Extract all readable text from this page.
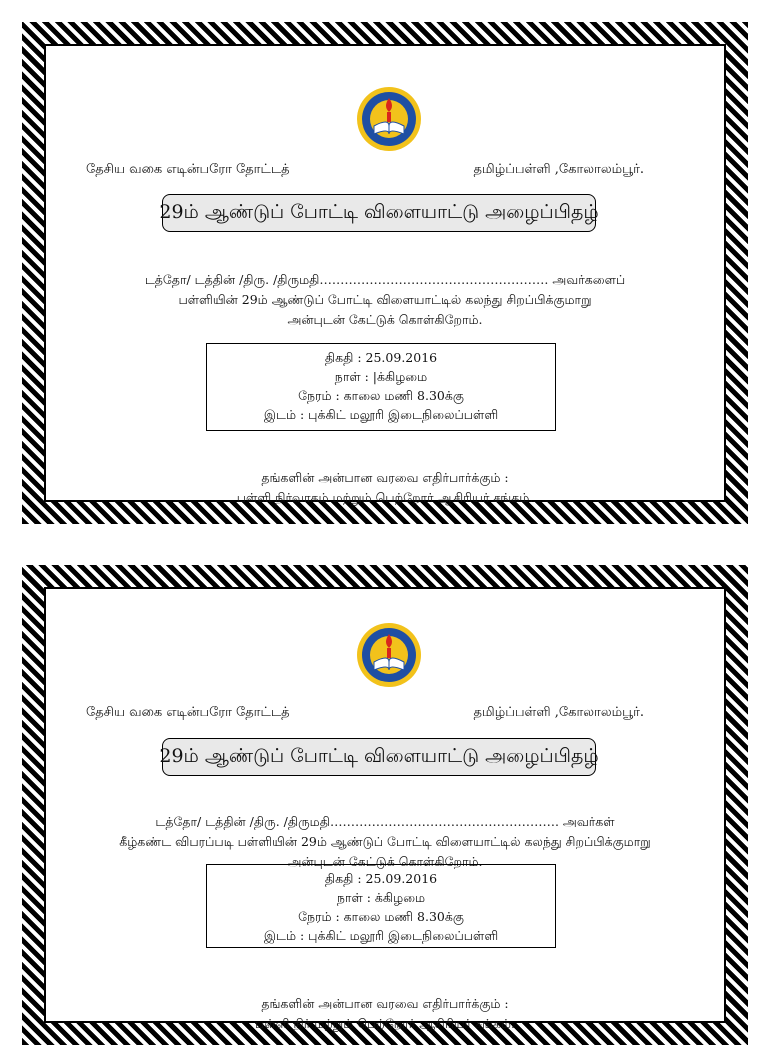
தேசிய வகை எடின்பரோ தோட்டத்	தமிழ்ப்பள்ளி ,கோலாலம்பூர்.
29ம் ஆண்டுப் போட்டி விளையாட்டு அழைப்பிதழ்
டத்தோ/ டத்தின் /திரு. /திருமதி………………………………………………. அவர்களைப்
பள்ளியின் 29ம் ஆண்டுப் போட்டி விளையாட்டில் கலந்து சிறப்பிக்குமாறு
அன்புடன் கேட்டுக் கொள்கிறோம்.
திகதி : 25.09.2016
நாள் : |க்கிழமை
நேரம் : காலை மணி 8.30க்கு
இடம் : புக்கிட் மலூரி இடைநிலைப்பள்ளி
தங்களின் அன்பான வரவை எதிர்பார்க்கும் :
பள்ளி நிர்வாகம் மற்றும் பெற்றோர் ஆசிரியர் சங்கம்.
தேசிய வகை எடின்பரோ தோட்டத்	தமிழ்ப்பள்ளி ,கோலாலம்பூர்.
29ம் ஆண்டுப் போட்டி விளையாட்டு அழைப்பிதழ்
டத்தோ/ டத்தின் /திரு. /திருமதி………………………………………………. அவர்கள்
கீழ்கண்ட விபரப்படி பள்ளியின் 29ம் ஆண்டுப் போட்டி விளையாட்டில் கலந்து சிறப்பிக்குமாறு
அன்புடன் கேட்டுக் கொள்கிறோம்.
திகதி : 25.09.2016
நாள் : க்கிழமை
நேரம் : காலை மணி 8.30க்கு
இடம் : புக்கிட் மலூரி இடைநிலைப்பள்ளி
தங்களின் அன்பான வரவை எதிர்பார்க்கும் :
பள்ளி நிர் மற்றும் பெற்றோர் ஆசிரியர் சங்கம்.
